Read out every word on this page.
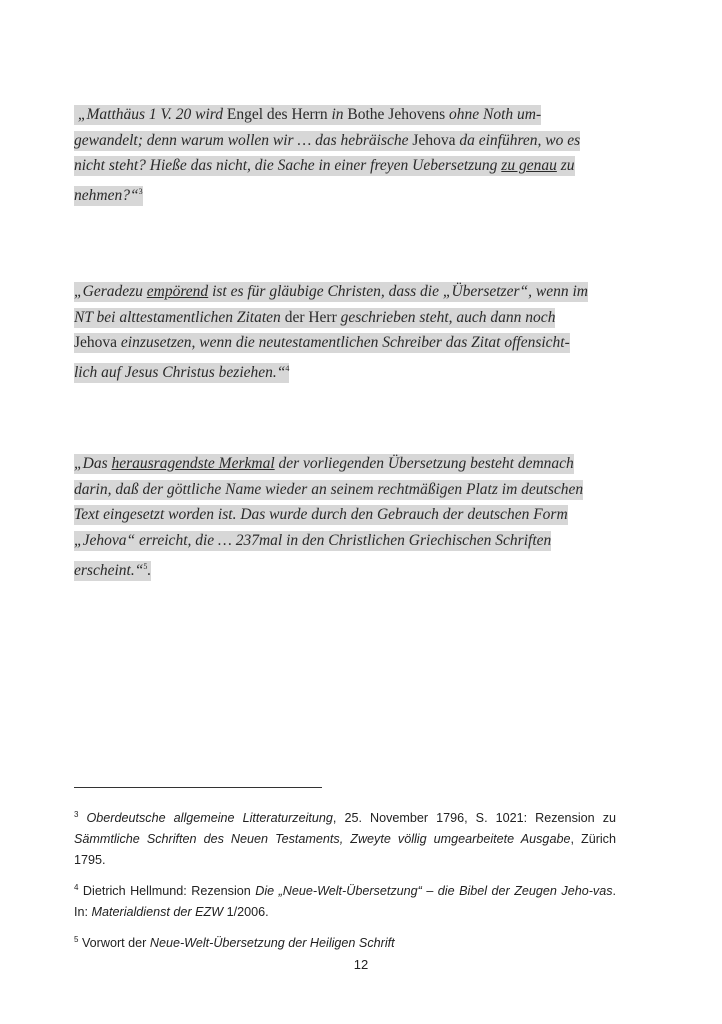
„Matthäus 1 V. 20 wird Engel des Herrn in Bothe Jehovens ohne Noth um-
gewandelt; denn warum wollen wir … das hebräische Jehova da einführen, wo es
nicht steht? Hieße das nicht, die Sache in einer freyen Uebersetzung zu genau zu
nehmen?“$^3$
„Geradezu empörend ist es für gläubige Christen, dass die „Übersetzer“, wenn im
NT bei alttestamentlichen Zitaten der Herr geschrieben steht, auch dann noch
Jehova einzusetzen, wenn die neutestamentlichen Schreiber das Zitat offensicht-
lich auf Jesus Christus beziehen.“$^4$
„Das herausragendste Merkmal der vorliegenden Übersetzung besteht demnach
darin, daß der göttliche Name wieder an seinem rechtmäßigen Platz im deutschen
Text eingesetzt worden ist. Das wurde durch den Gebrauch der deutschen Form
„Jehova“ erreicht, die … 237mal in den Christlichen Griechischen Schriften
erscheint.“$^5$.

$^3$ Oberdeutsche allgemeine Litteraturzeitung, 25. November 1796, S. 1021: Rezension zu Sämmtliche Schriften des Neuen Testaments, Zweyte völlig umgearbeitete Ausgabe, Zürich 1795.

$^4$ Dietrich Hellmund: Rezension Die „Neue-Welt-Übersetzung“ – die Bibel der Zeugen Jeho-vas. In: Materialdienst der EZW 1/2006.

$^5$ Vorwort der Neue-Welt-Übersetzung der Heiligen Schrift

12
